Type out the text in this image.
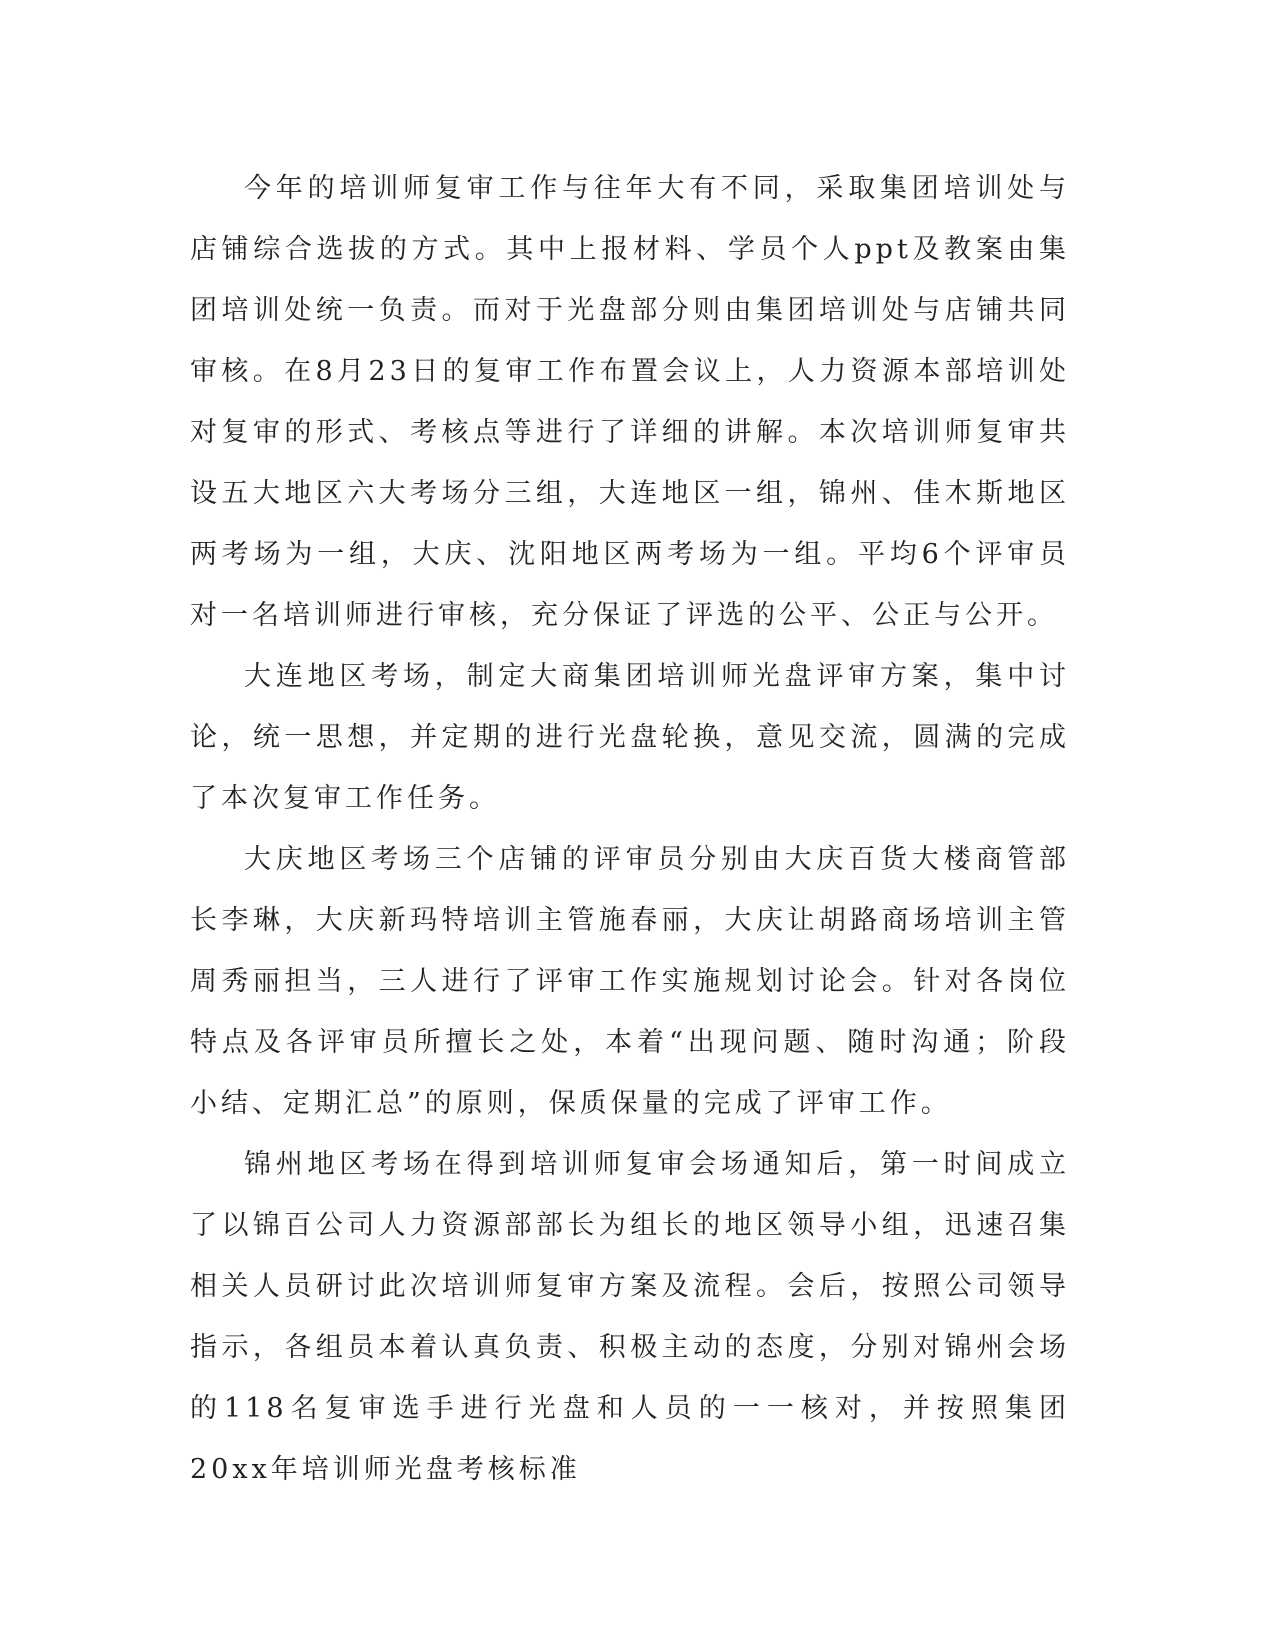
今年的培训师复审工作与往年大有不同，采取集团培训处与店铺综合选拔的方式。其中上报材料、学员个人ppt及教案由集团培训处统一负责。而对于光盘部分则由集团培训处与店铺共同审核。在8月23日的复审工作布置会议上，人力资源本部培训处对复审的形式、考核点等进行了详细的讲解。本次培训师复审共设五大地区六大考场分三组，大连地区一组，锦州、佳木斯地区两考场为一组，大庆、沈阳地区两考场为一组。平均6个评审员对一名培训师进行审核，充分保证了评选的公平、公正与公开。

大连地区考场，制定大商集团培训师光盘评审方案，集中讨论，统一思想，并定期的进行光盘轮换，意见交流，圆满的完成了本次复审工作任务。

大庆地区考场三个店铺的评审员分别由大庆百货大楼商管部长李琳，大庆新玛特培训主管施春丽，大庆让胡路商场培训主管周秀丽担当，三人进行了评审工作实施规划讨论会。针对各岗位特点及各评审员所擅长之处，本着“出现问题、随时沟通；阶段小结、定期汇总”的原则，保质保量的完成了评审工作。

锦州地区考场在得到培训师复审会场通知后，第一时间成立了以锦百公司人力资源部部长为组长的地区领导小组，迅速召集相关人员研讨此次培训师复审方案及流程。会后，按照公司领导指示，各组员本着认真负责、积极主动的态度，分别对锦州会场的118名复审选手进行光盘和人员的一一核对，并按照集团20xx年培训师光盘考核标准
